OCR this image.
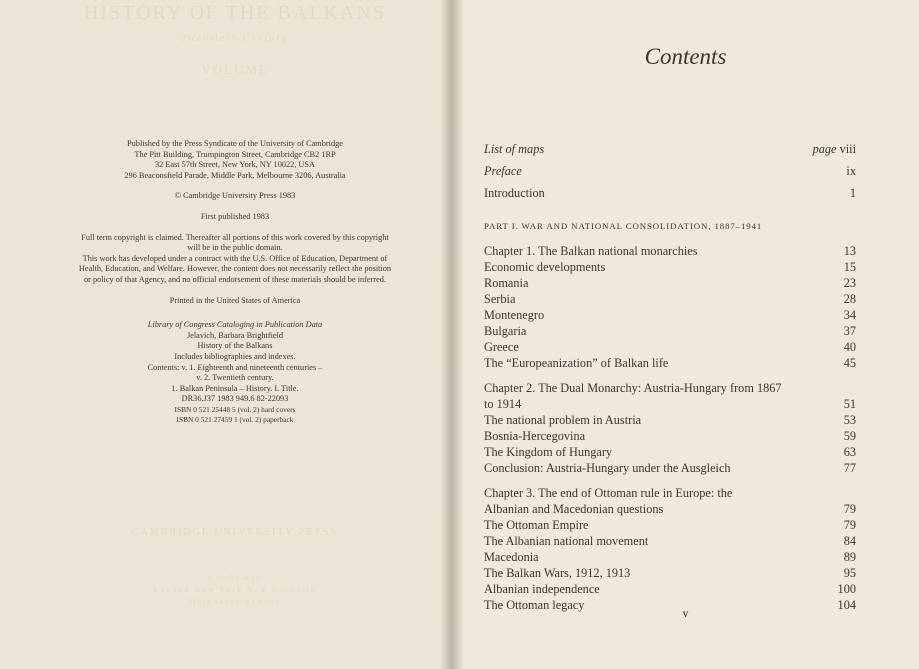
HISTORY OF THE BALKANS
Twentieth Century
VOLUME
CAMBRIDGE UNIVERSITY PRESS
Cambridge
London New York New Rochelle
Melbourne Sydney
Published by the Press Syndicate of the University of Cambridge
The Pitt Building, Trumpington Street, Cambridge CB2 1RP
32 East 57th Street, New York, NY 10022, USA
296 Beaconsfield Parade, Middle Park, Melbourne 3206, Australia
© Cambridge University Press 1983
First published 1983
Full term copyright is claimed. Thereafter all portions of this work covered by this copyright
will be in the public domain.
This work has developed under a contract with the U.S. Office of Education, Department of
Health, Education, and Welfare. However, the content does not necessarily reflect the position
or policy of that Agency, and no official endorsement of these materials should be inferred.
Printed in the United States of America
Library of Congress Cataloging in Publication Data
Jelavich, Barbara Brightfield
History of the Balkans
Includes bibliographies and indexes.
Contents: v. 1. Eighteenth and nineteenth centuries –
v. 2. Twentieth century.
1. Balkan Peninsula – History. I. Title.
DR36.J37 1983 949.6 82-22093
ISBN 0 521 25448 5 (vol. 2) hard covers
ISBN 0 521 27459 1 (vol. 2) paperback
Contents
List of maps	page viii
Preface	ix
Introduction	1
PART I. WAR AND NATIONAL CONSOLIDATION, 1887–1941
Chapter 1. The Balkan national monarchies	13
Economic developments	15
Romania	23
Serbia	28
Montenegro	34
Bulgaria	37
Greece	40
The “Europeanization” of Balkan life	45
Chapter 2. The Dual Monarchy: Austria-Hungary from 1867
to 1914	51
The national problem in Austria	53
Bosnia-Hercegovina	59
The Kingdom of Hungary	63
Conclusion: Austria-Hungary under the Ausgleich	77
Chapter 3. The end of Ottoman rule in Europe: the
Albanian and Macedonian questions	79
The Ottoman Empire	79
The Albanian national movement	84
Macedonia	89
The Balkan Wars, 1912, 1913	95
Albanian independence	100
The Ottoman legacy	104
v
